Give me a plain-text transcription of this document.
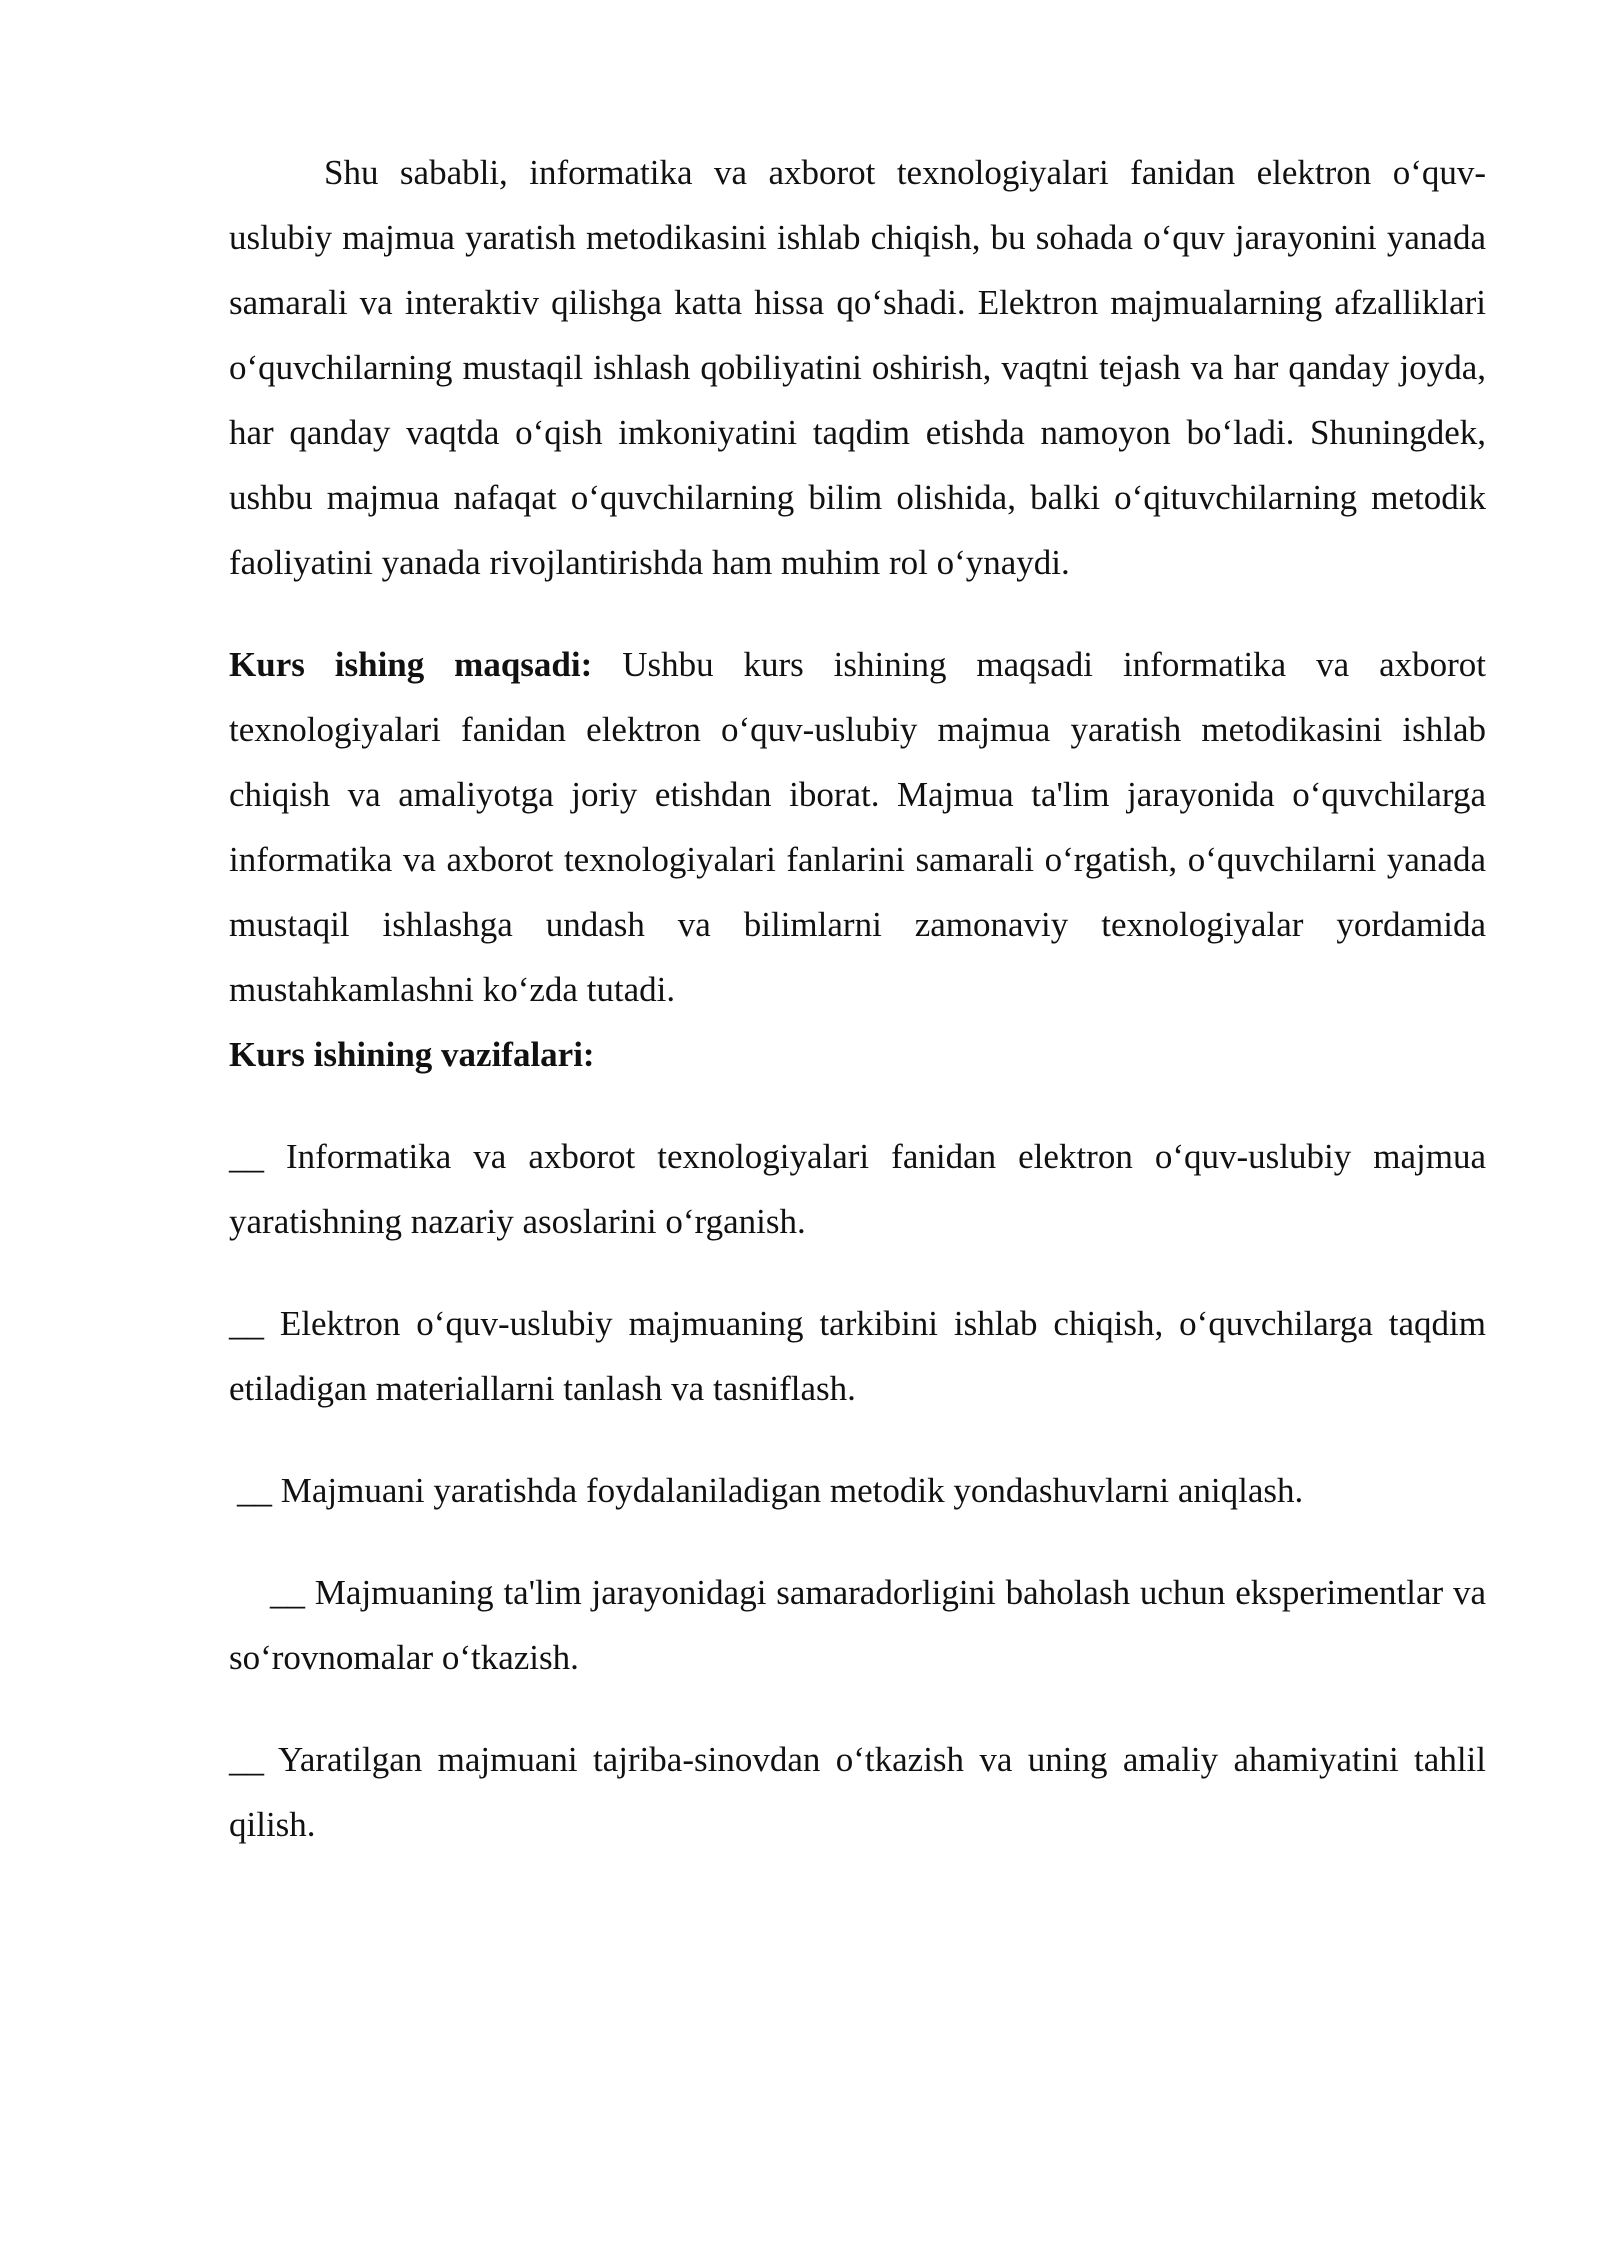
Shu sababli, informatika va axborot texnologiyalari fanidan elektron o‘quv-uslubiy majmua yaratish metodikasini ishlab chiqish, bu sohada o‘quv jarayonini yanada samarali va interaktiv qilishga katta hissa qo‘shadi. Elektron majmualarning afzalliklari o‘quvchilarning mustaqil ishlash qobiliyatini oshirish, vaqtni tejash va har qanday joyda, har qanday vaqtda o‘qish imkoniyatini taqdim etishda namoyon bo‘ladi. Shuningdek, ushbu majmua nafaqat o‘quvchilarning bilim olishida, balki o‘qituvchilarning metodik faoliyatini yanada rivojlantirishda ham muhim rol o‘ynaydi.

Kurs ishing maqsadi: Ushbu kurs ishining maqsadi informatika va axborot texnologiyalari fanidan elektron o‘quv-uslubiy majmua yaratish metodikasini ishlab chiqish va amaliyotga joriy etishdan iborat. Majmua ta'lim jarayonida o‘quvchilarga informatika va axborot texnologiyalari fanlarini samarali o‘rgatish, o‘quvchilarni yanada mustaqil ishlashga undash va bilimlarni zamonaviy texnologiyalar yordamida mustahkamlashni ko‘zda tutadi.

Kurs ishining vazifalari:

__ Informatika va axborot texnologiyalari fanidan elektron o‘quv-uslubiy majmua yaratishning nazariy asoslarini o‘rganish.

__ Elektron o‘quv-uslubiy majmuaning tarkibini ishlab chiqish, o‘quvchilarga taqdim etiladigan materiallarni tanlash va tasniflash.

__ Majmuani yaratishda foydalaniladigan metodik yondashuvlarni aniqlash.

__ Majmuaning ta'lim jarayonidagi samaradorligini baholash uchun eksperimentlar va so‘rovnomalar o‘tkazish.

__ Yaratilgan majmuani tajriba-sinovdan o‘tkazish va uning amaliy ahamiyatini tahlil qilish.
